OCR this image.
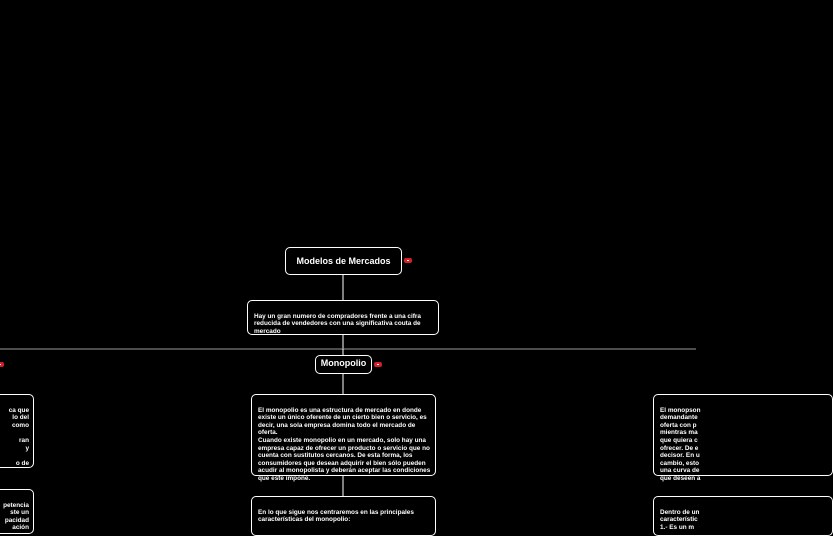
Modelos de Mercados

Hay un gran numero de compradores frente a una cifra reducida de vendedores con una significativa couta de mercado

Monopolio

El monopolio es una estructura de mercado en donde existe un único oferente de un cierto bien o servicio, es decir, una sola empresa domina todo el mercado de oferta.
Cuando existe monopolio en un mercado, solo hay una empresa capaz de ofrecer un producto o servicio que no cuenta con sustitutos cercanos. De esta forma, los consumidores que desean adquirir el bien sólo pueden acudir al monopolista y deberán aceptar las condiciones que este impone.

En lo que sigue nos centraremos en las principales características del monopolio:

ca que
lo del
como

ran
y

o de

petencia
ste un
pacidad
ación

El monopson
demandante
oferta con p
mientras ma
que quiera c
ofrecer. De e
decisor. En u
cambio, esto
una curva de
que deseen a

Dentro de un
característic
1.- Es un m
